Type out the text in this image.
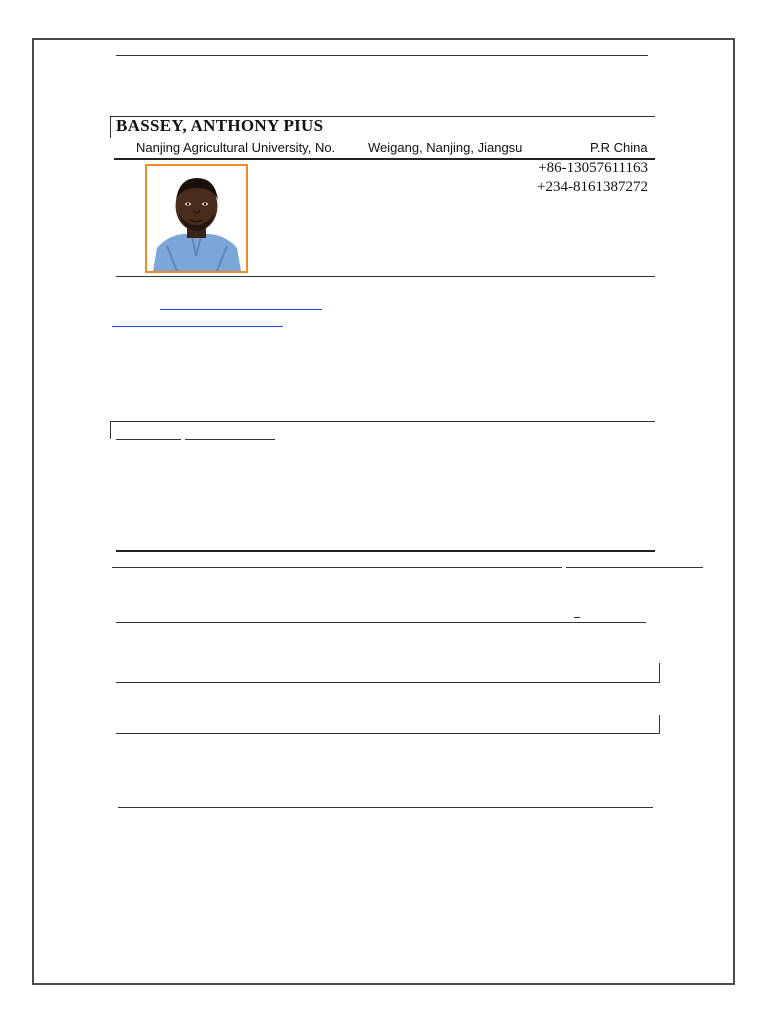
BASSEY, ANTHONY PIUS
Nanjing Agricultural University, No.	Weigang, Nanjing, Jiangsu	P.R China
+86-13057611163
+234-8161387272
